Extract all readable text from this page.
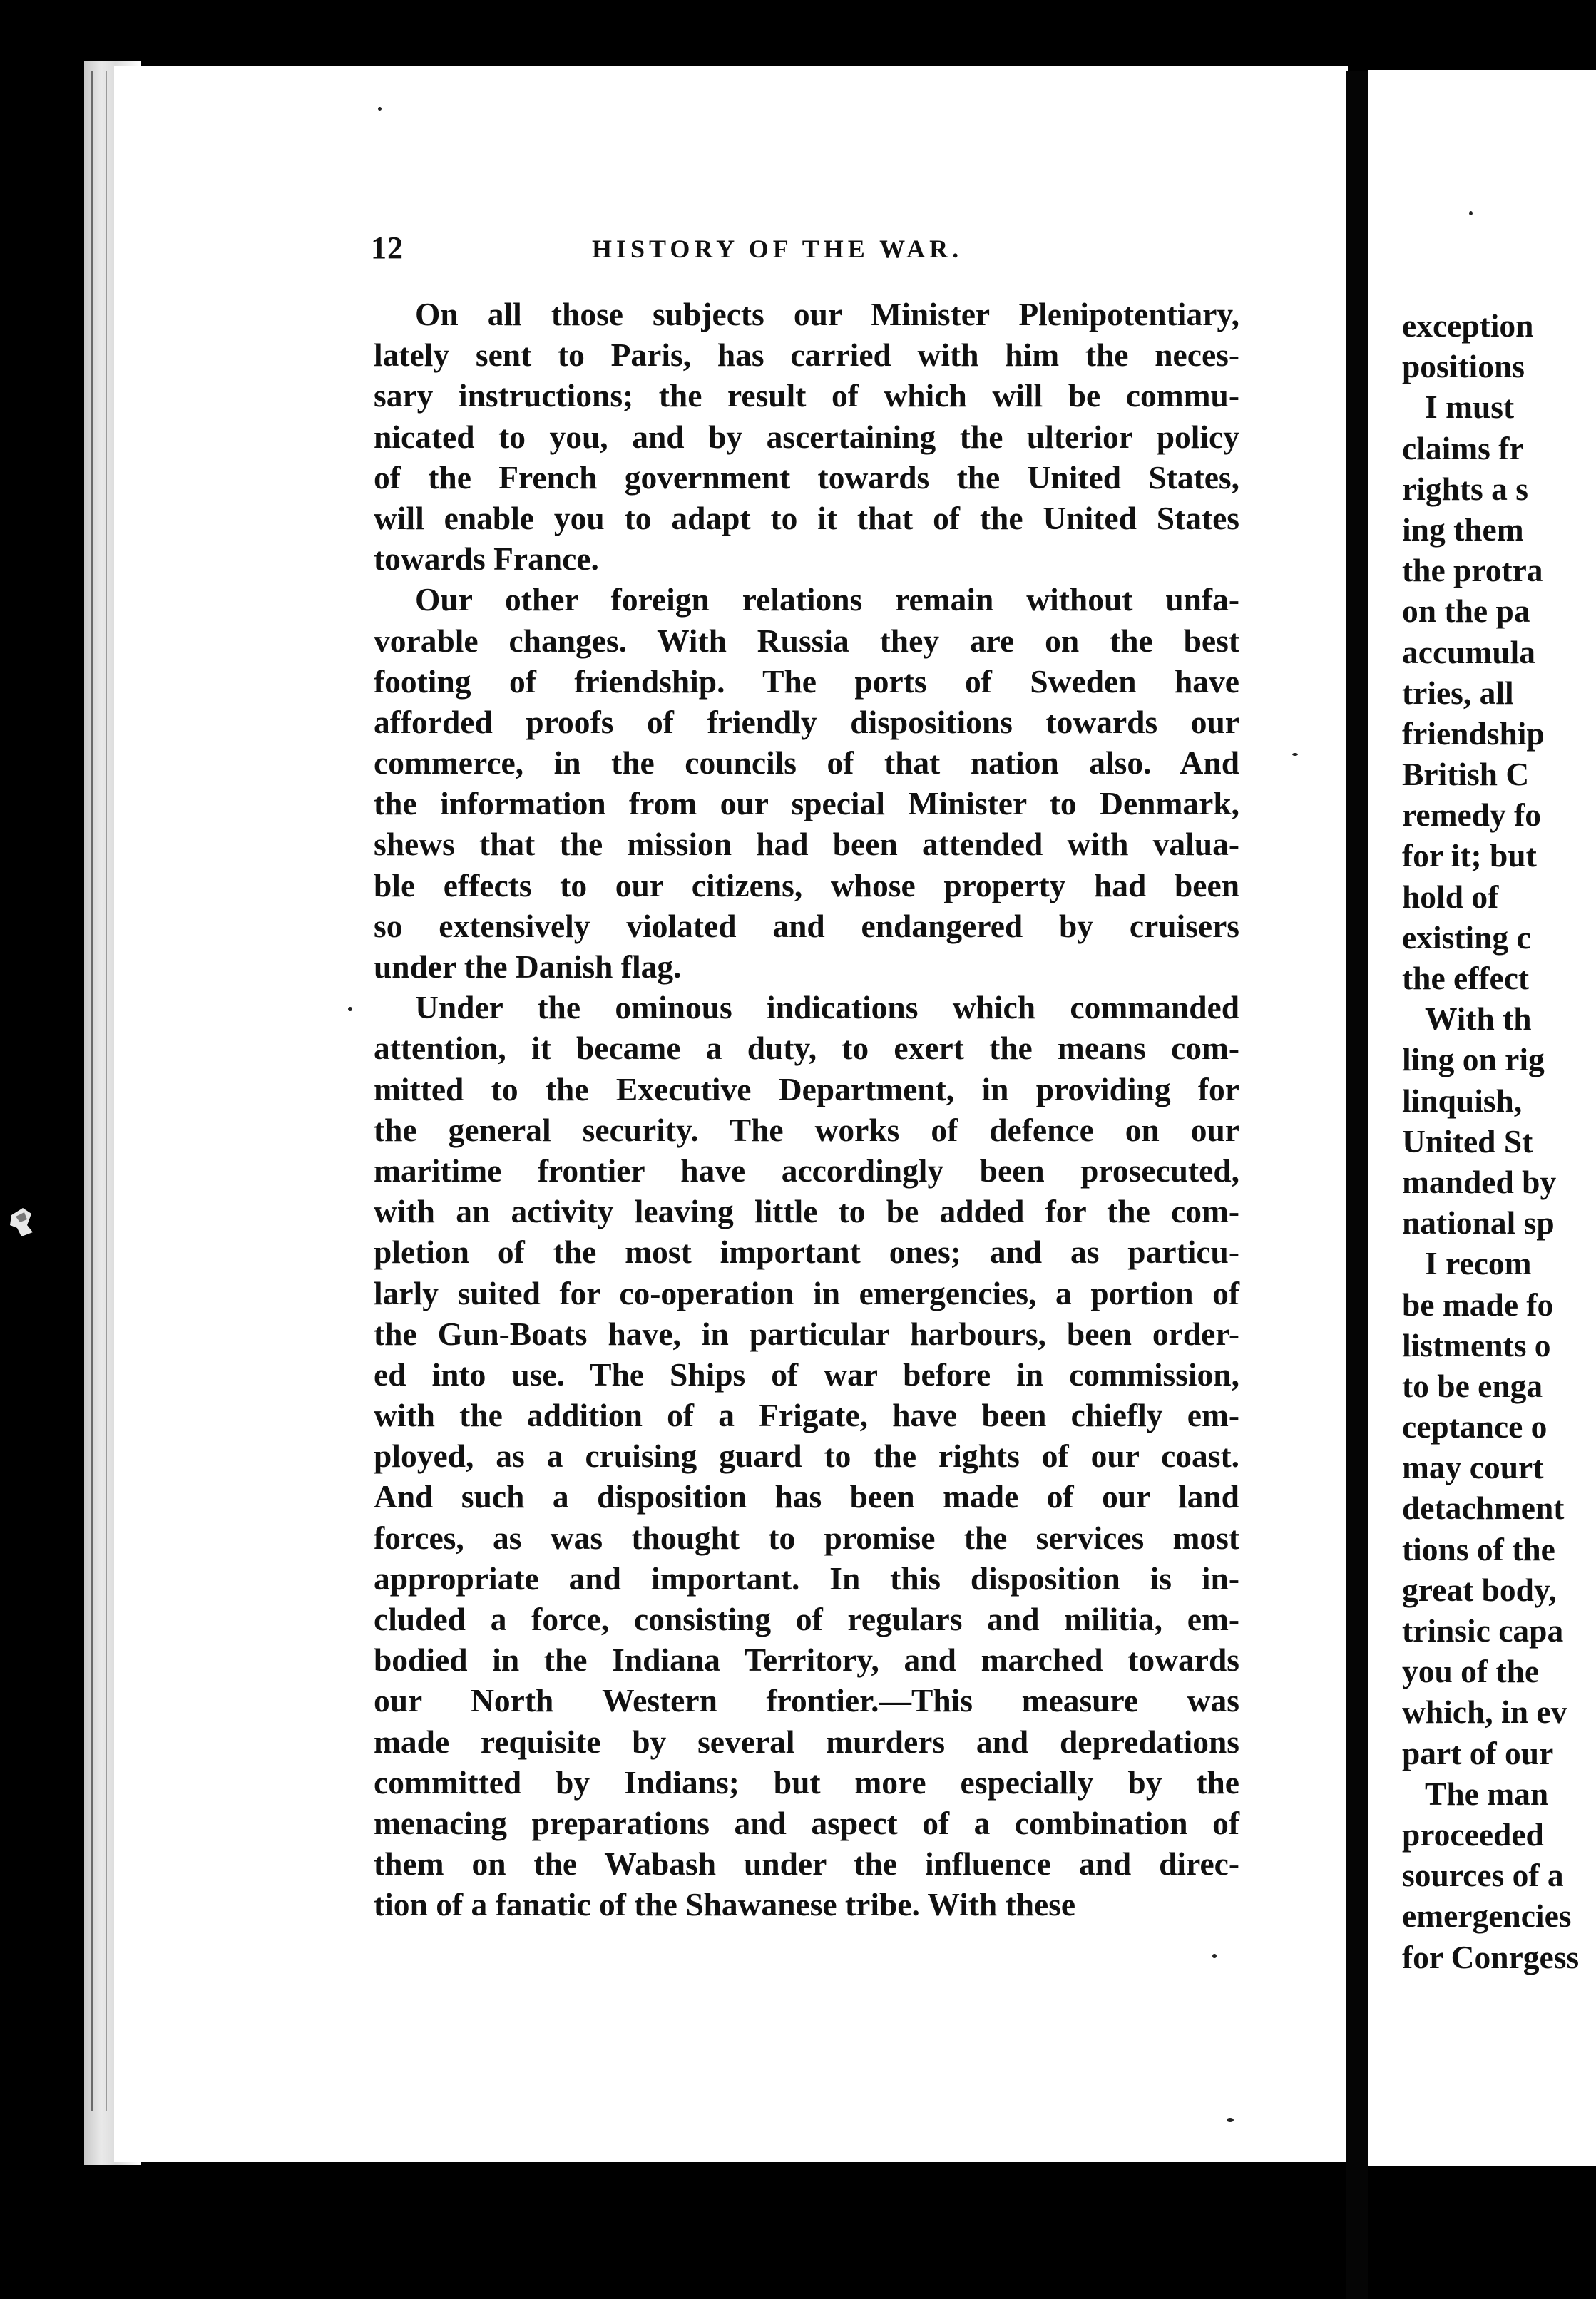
12	HISTORY OF THE WAR.
On all those subjects our Minister Plenipotentiary,
lately sent to Paris, has carried with him the neces-
sary instructions; the result of which will be commu-
nicated to you, and by ascertaining the ulterior policy
of the French government towards the United States,
will enable you to adapt to it that of the United States
towards France.
Our other foreign relations remain without unfa-
vorable changes. With Russia they are on the best
footing of friendship. The ports of Sweden have
afforded proofs of friendly dispositions towards our
commerce, in the councils of that nation also. And
the information from our special Minister to Denmark,
shews that the mission had been attended with valua-
ble effects to our citizens, whose property had been
so extensively violated and endangered by cruisers
under the Danish flag.
Under the ominous indications which commanded
attention, it became a duty, to exert the means com-
mitted to the Executive Department, in providing for
the general security. The works of defence on our
maritime frontier have accordingly been prosecuted,
with an activity leaving little to be added for the com-
pletion of the most important ones; and as particu-
larly suited for co-operation in emergencies, a portion of
the Gun-Boats have, in particular harbours, been order-
ed into use. The Ships of war before in commission,
with the addition of a Frigate, have been chiefly em-
ployed, as a cruising guard to the rights of our coast.
And such a disposition has been made of our land
forces, as was thought to promise the services most
appropriate and important. In this disposition is in-
cluded a force, consisting of regulars and militia, em-
bodied in the Indiana Territory, and marched towards
our North Western frontier.—This measure was
made requisite by several murders and depredations
committed by Indians; but more especially by the
menacing preparations and aspect of a combination of
them on the Wabash under the influence and direc-
tion of a fanatic of the Shawanese tribe. With these
exception
positions
I must
claims fr
rights a s
ing them
the protra
on the pa
accumula
tries, all
friendship
British C
remedy fo
for it; but
hold of
existing c
the effect
With th
ling on rig
linquish,
United St
manded by
national sp
I recom
be made fo
listments o
to be enga
ceptance o
may court
detachment
tions of the
great body,
trinsic capa
you of the
which, in ev
part of our
The man
proceeded
sources of a
emergencies
for Conrgess
